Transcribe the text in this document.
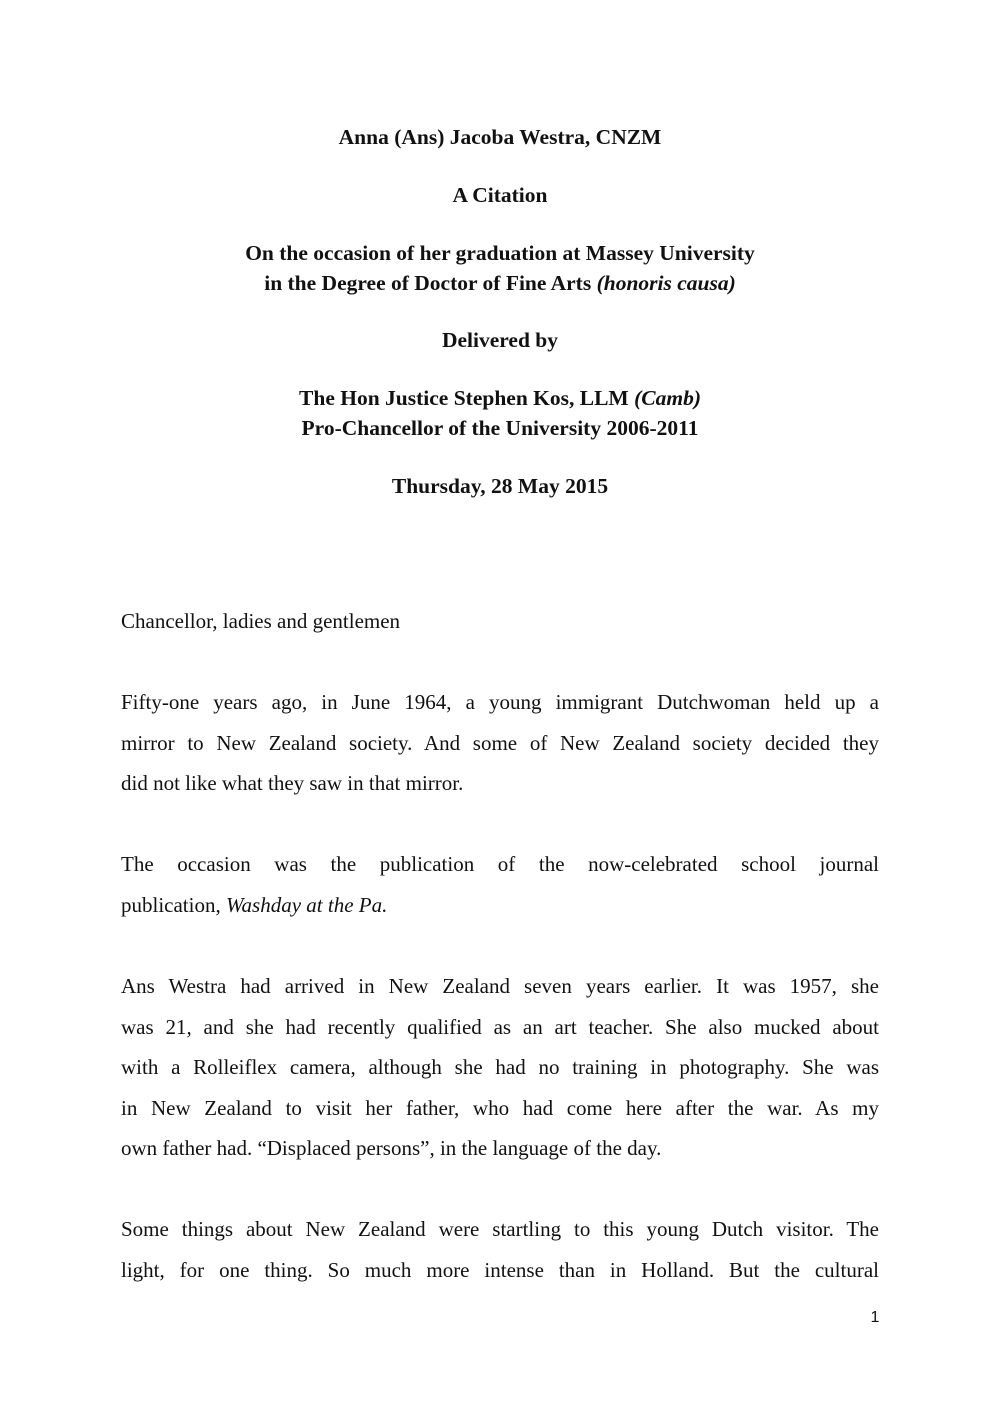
Anna (Ans) Jacoba Westra, CNZM
A Citation
On the occasion of her graduation at Massey University
in the Degree of Doctor of Fine Arts (honoris causa)
Delivered by
The Hon Justice Stephen Kos, LLM (Camb)
Pro-Chancellor of the University 2006-2011
Thursday, 28 May 2015
Chancellor, ladies and gentlemen
Fifty-one years ago, in June 1964, a young immigrant Dutchwoman held up a
mirror to New Zealand society. And some of New Zealand society decided they
did not like what they saw in that mirror.
The occasion was the publication of the now-celebrated school journal
publication, Washday at the Pa.
Ans Westra had arrived in New Zealand seven years earlier. It was 1957, she
was 21, and she had recently qualified as an art teacher. She also mucked about
with a Rolleiflex camera, although she had no training in photography. She was
in New Zealand to visit her father, who had come here after the war. As my
own father had. “Displaced persons”, in the language of the day.
Some things about New Zealand were startling to this young Dutch visitor. The
light, for one thing. So much more intense than in Holland. But the cultural
1
